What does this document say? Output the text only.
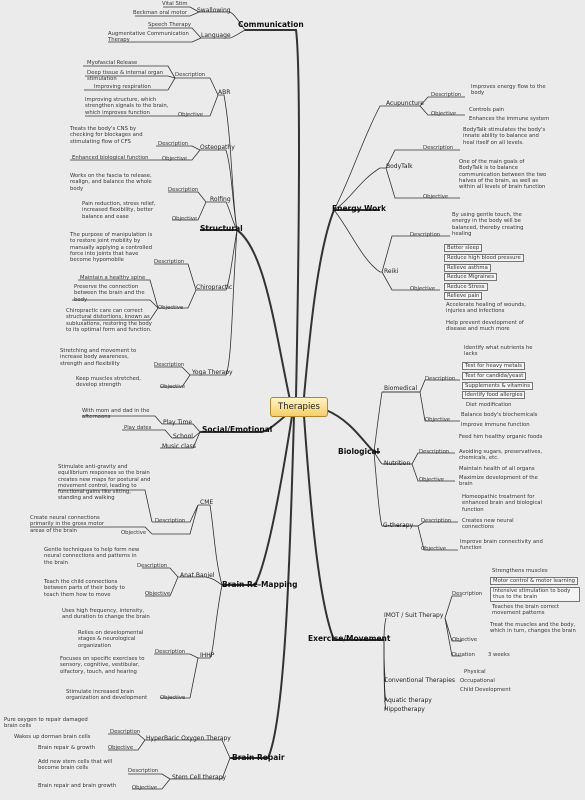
Therapies
Communication
Swallowing
Vital Stim
Beckman oral motor
Language
Speech Therapy
Augmentative Communication Therapy
Structural
ABR
Description
Myofascial Release
Deep tissue & internal organ stimulation
Improving respiration
Objective
Improving structure, which strengthen signals to the brain, which improves function
Osteopathy
Description
Treats the body's CNS by checking for blockages and stimulating flow of CFS
Objective
Enhanced biological function
Rolfing
Description
Works on the fascia to release, realign, and balance the whole body
Objective
Pain reduction, stress relief, increased flexibility, better balance and ease
Chiropractic
Description
The purpose of manipulation is to restore joint mobility by manually applying a controlled force into joints that have become hypomobile
Objective
Maintain a healthy spine
Preserve the connection between the brain and the body
Chiropractic care can correct structural distortions, known as subluxations, restoring the body to its optimal form and function.
Yoga Therapy
Description
Stretching and movement to increase body awareness, strength and flexibility
Objective
Keep muscles stretched, develop strength
Social/Emotional
Play Time
With mom and dad in the afternoons
School
Play dates
Music class
Brain Re-Mapping
CME
Stimulate anti-gravity and equilibrium responses so the brain creates new maps for postural and movement control, leading to functional gains like sitting, standing and walking
Description
Create neural connections primarily in the gross motor areas of the brain	Objective
Anat Baniel
Gentle techniques to help form new neural connections and patterns in the brain
Description
Teach the child connections between parts of their body to teach them how to move	Objective
IHHP
Uses high frequency, intensity, and duration to change the brain
Relies on developmental stages & neurological organization
Focuses on specific exercises to sensory, cognitive, vestibular, olfactory, touch, and hearing
Description
Stimulate increased brain organization and development	Objective
Brain Repair
HyperBaric Oxygen Therapy
Description
Pure oxygen to repair damaged brain cells
Wakes up dorman brain cells
Objective
Brain repair & growth
Stem Cell therapy
Description
Add new stem cells that will become brain cells
Objective
Brain repair and brain growth
Energy Work
Acupuncture
Description
Improves energy flow to the body
Objective
Controls pain
Enhances the immune system
BodyTalk
Description
BodyTalk stimulates the body's innate ability to balance and heal itself on all levels.
Objective
One of the main goals of BodyTalk is to balance communication between the two halves of the brain, as well as within all levels of brain function
Reiki
Description
By using gentle touch, the energy in the body will be balanced, thereby creating healing
Objective
Better sleep
Reduce high blood pressure
Relieve asthma
Reduce Migraines
Reduce Stress
Relieve pain
Accelerate healing of wounds, injuries and infections
Help prevent development of disease and much more
Biological
Biomedical
Description
Identify what nutrients he lacks
Test for heavy metals
Test for candida/yeast
Supplements & vitamins
Identify food allergies
Diet modification
Objective
Balance body's biochemicals
Improve immune function
Nutrition
Description
Feed him healthy organic foods
Avoiding sugars, preservatives, chemicals, etc.
Objective
Maintain health of all organs
Maximize development of the brain
G-therapy
Description
Homeopathic treatment for enhanced brain and biological function
Creates new neural connections
Objective
Improve brain connectivity and function
Exercise/Movement
IMOT / Suit Therapy
Description
Strengthens muscles
Motor control & motor learning
Intensive stimulation to body thus to the brain
Teaches the brain correct movement patterns
Objective
Treat the muscles and the body, which in turn, changes the brain
Duration 3 weeks
Conventional Therapies
Physical
Occupational
Child Development
Aquatic therapy
Hippotherapy
